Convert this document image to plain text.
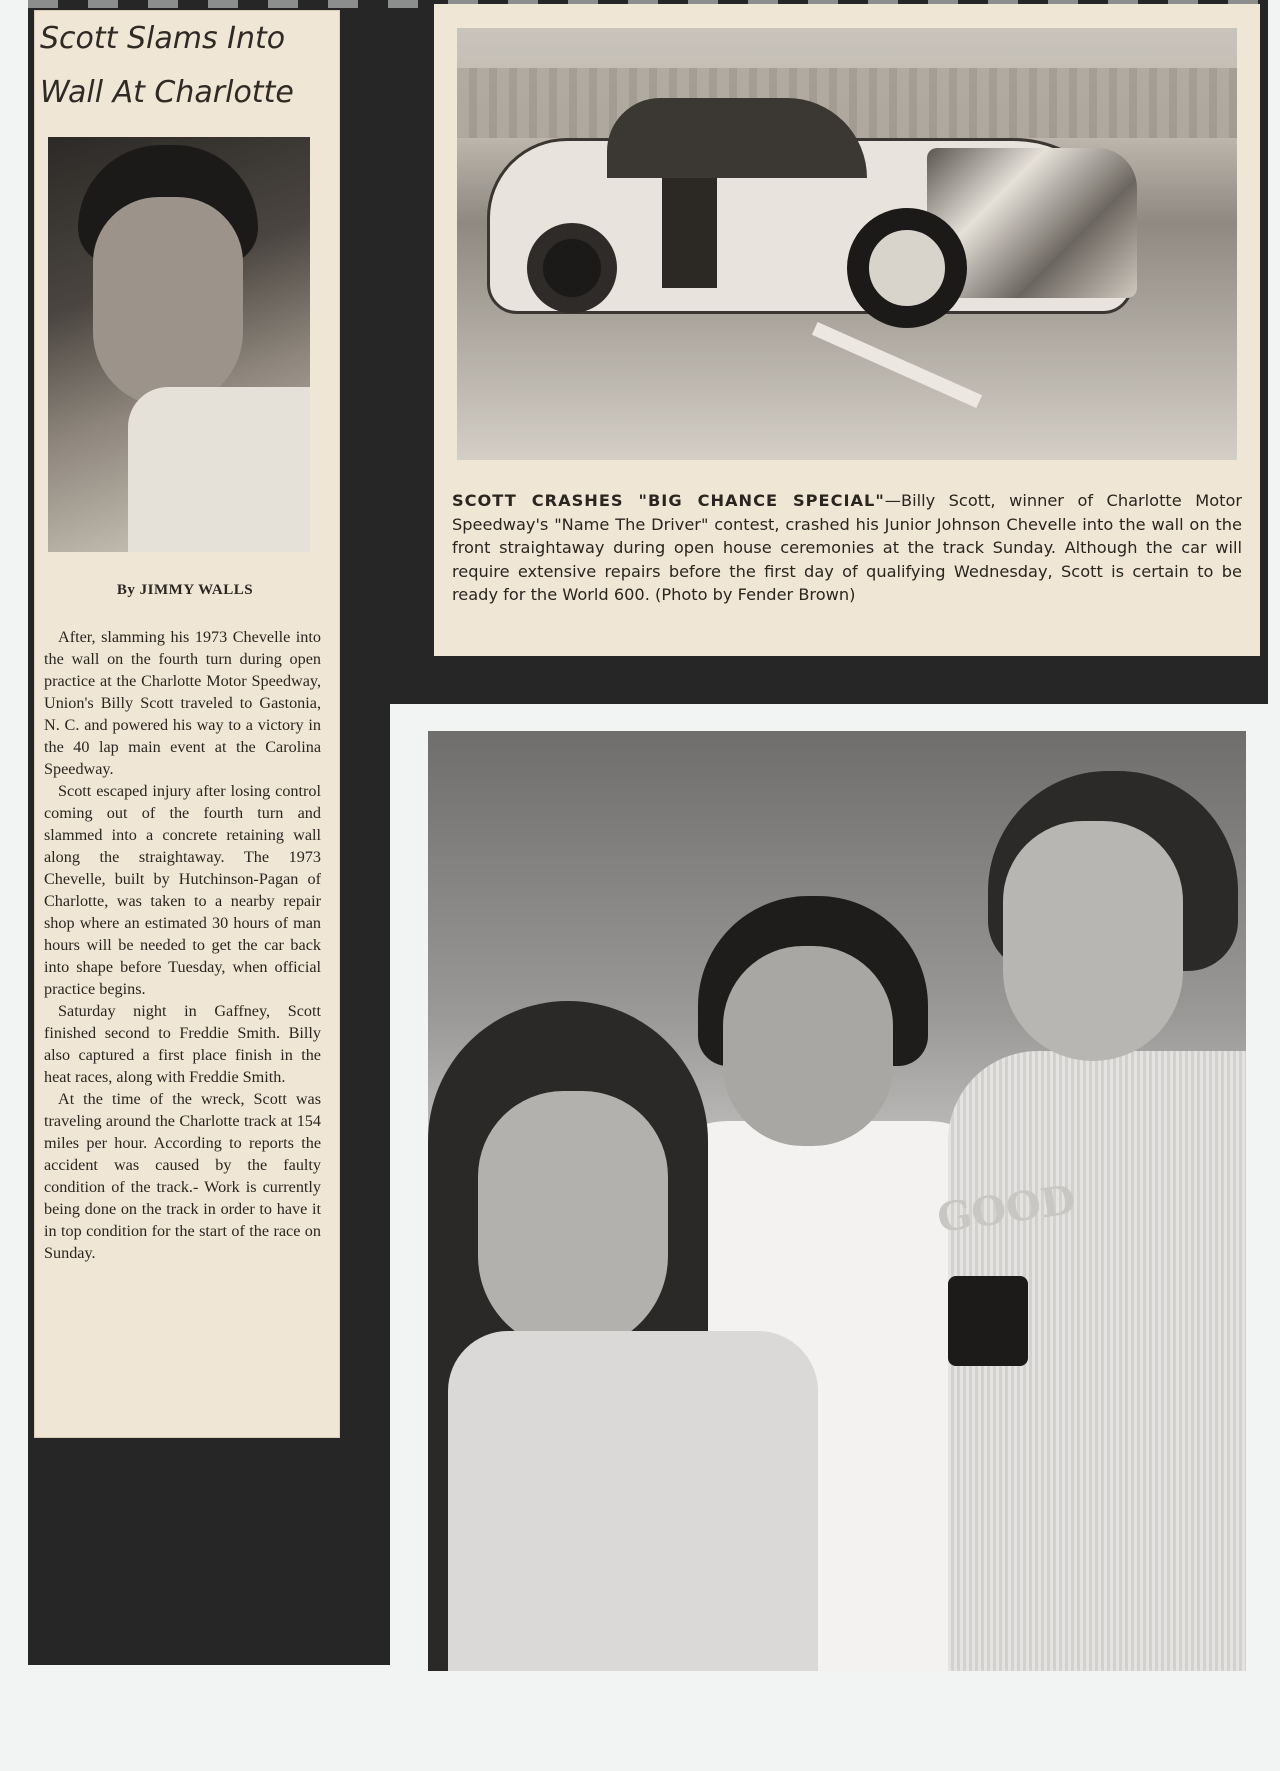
Scott Slams Into
Wall At Charlotte
By JIMMY WALLS

After, slamming his 1973 Chevelle into the wall on the fourth turn during open practice at the Charlotte Motor Speedway, Union's Billy Scott traveled to Gastonia, N. C. and powered his way to a victory in the 40 lap main event at the Carolina Speedway.

Scott escaped injury after losing control coming out of the fourth turn and slammed into a concrete retaining wall along the straightaway. The 1973 Chevelle, built by Hutchinson-Pagan of Charlotte, was taken to a nearby repair shop where an estimated 30 hours of man hours will be needed to get the car back into shape before Tuesday, when official practice begins.

Saturday night in Gaffney, Scott finished second to Freddie Smith. Billy also captured a first place finish in the heat races, along with Freddie Smith.

At the time of the wreck, Scott was traveling around the Charlotte track at 154 miles per hour. According to reports the accident was caused by the faulty condition of the track.- Work is currently being done on the track in order to have it in top condition for the start of the race on Sunday.

SCOTT CRASHES "BIG CHANCE SPECIAL"—Billy Scott, winner of Charlotte Motor Speedway's "Name The Driver" contest, crashed his Junior Johnson Chevelle into the wall on the front straightaway during open house ceremonies at the track Sunday. Although the car will require extensive repairs before the first day of qualifying Wednesday, Scott is certain to be ready for the World 600. (Photo by Fender Brown)
GOOD
